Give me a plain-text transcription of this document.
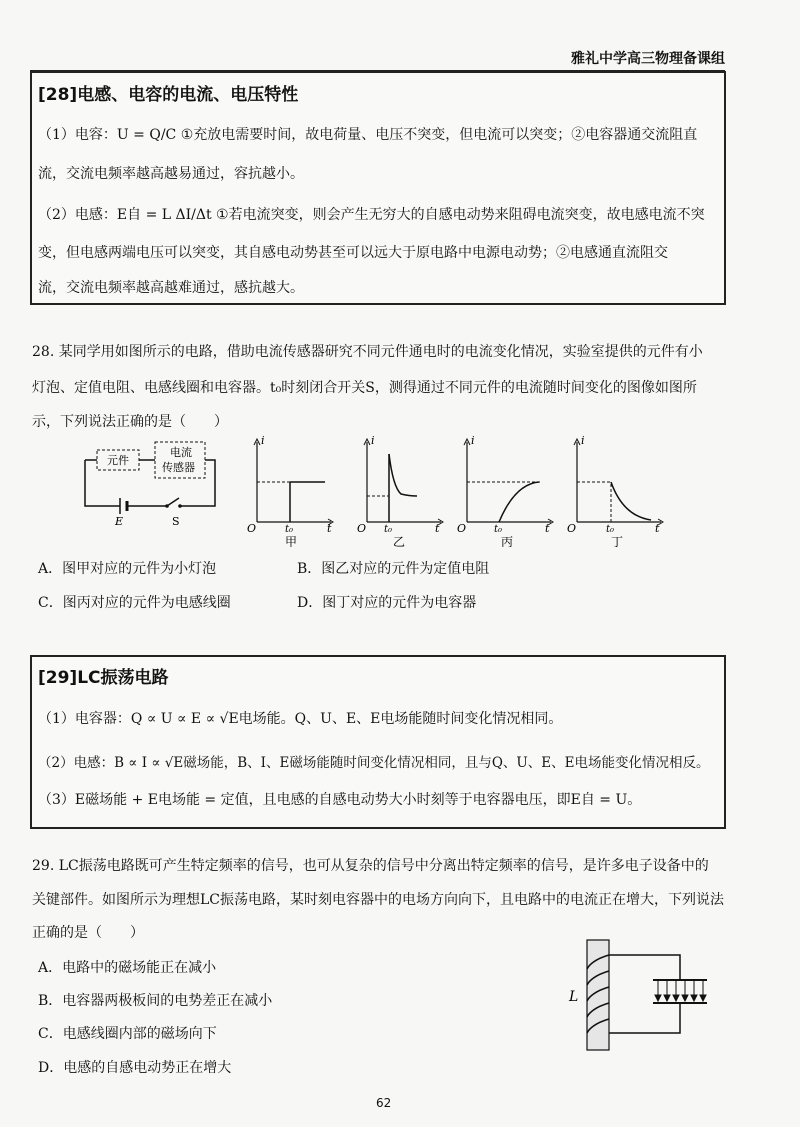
雅礼中学高三物理备课组
[28]电感、电容的电流、电压特性
（1）电容：U = Q/C ①充放电需要时间，故电荷量、电压不突变，但电流可以突变；②电容器通交流阻直
流，交流电频率越高越易通过，容抗越小。
（2）电感：E自 = L ΔI/Δt ①若电流突变，则会产生无穷大的自感电动势来阻碍电流突变，故电感电流不突
变，但电感两端电压可以突变，其自感电动势甚至可以远大于原电路中电源电动势；②电感通直流阻交
流，交流电频率越高越难通过，感抗越大。
28. 某同学用如图所示的电路，借助电流传感器研究不同元件通电时的电流变化情况，实验室提供的元件有小
灯泡、定值电阻、电感线圈和电容器。t₀时刻闭合开关S，测得通过不同元件的电流随时间变化的图像如图所
示，下列说法正确的是（　　）
元件
电流
传感器
E	S
i
O	t₀	t
甲
i
O t₀	t
乙
i
O	t₀	t
丙
i
O	t₀	t
丁
A．图甲对应的元件为小灯泡	B．图乙对应的元件为定值电阻
C．图丙对应的元件为电感线圈	D．图丁对应的元件为电容器
[29]LC振荡电路
（1）电容器：Q ∝ U ∝ E ∝ √E电场能。Q、U、E、E电场能随时间变化情况相同。
（2）电感：B ∝ I ∝ √E磁场能，B、I、E磁场能随时间变化情况相同，且与Q、U、E、E电场能变化情况相反。
（3）E磁场能 + E电场能 = 定值，且电感的自感电动势大小时刻等于电容器电压，即E自 = U。
29. LC振荡电路既可产生特定频率的信号，也可从复杂的信号中分离出特定频率的信号，是许多电子设备中的
关键部件。如图所示为理想LC振荡电路，某时刻电容器中的电场方向向下，且电路中的电流正在增大，下列说法
正确的是（　　）
A．电路中的磁场能正在减小
B．电容器两极板间的电势差正在减小
C．电感线圈内部的磁场向下
D．电感的自感电动势正在增大
L
62
